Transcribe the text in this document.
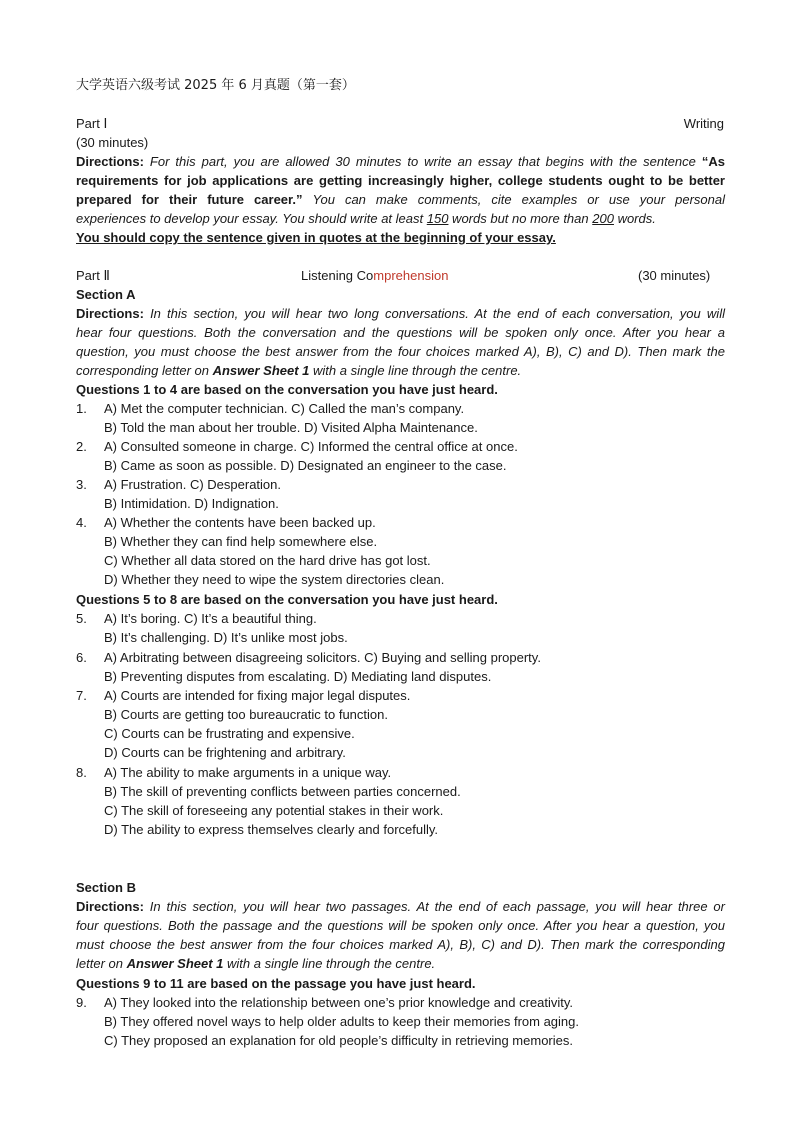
大学英语六级考试 2025 年 6 月真题（第一套）
Part Ⅰ	Writing
(30 minutes)
Directions: For this part, you are allowed 30 minutes to write an essay that begins with the sentence “As
requirements for job applications are getting increasingly higher, college students ought to be better
prepared for their future career.” You can make comments, cite examples or use your personal
experiences to develop your essay. You should write at least 150 words but no more than 200 words.
You should copy the sentence given in quotes at the beginning of your essay.
Part Ⅱ	Listening Comprehension	(30 minutes)
Section A
Directions: In this section, you will hear two long conversations. At the end of each conversation, you will
hear four questions. Both the conversation and the questions will be spoken only once. After you hear a
question, you must choose the best answer from the four choices marked A), B), C) and D). Then mark the
corresponding letter on Answer Sheet 1 with a single line through the centre.
Questions 1 to 4 are based on the conversation you have just heard.
1. A) Met the computer technician. C) Called the man’s company.
B) Told the man about her trouble. D) Visited Alpha Maintenance.
2. A) Consulted someone in charge. C) Informed the central office at once.
B) Came as soon as possible. D) Designated an engineer to the case.
3. A) Frustration. C) Desperation.
B) Intimidation. D) Indignation.
4. A) Whether the contents have been backed up.
B) Whether they can find help somewhere else.
C) Whether all data stored on the hard drive has got lost.
D) Whether they need to wipe the system directories clean.
Questions 5 to 8 are based on the conversation you have just heard.
5. A) It’s boring. C) It’s a beautiful thing.
B) It’s challenging. D) It’s unlike most jobs.
6. A) Arbitrating between disagreeing solicitors. C) Buying and selling property.
B) Preventing disputes from escalating. D) Mediating land disputes.
7. A) Courts are intended for fixing major legal disputes.
B) Courts are getting too bureaucratic to function.
C) Courts can be frustrating and expensive.
D) Courts can be frightening and arbitrary.
8. A) The ability to make arguments in a unique way.
B) The skill of preventing conflicts between parties concerned.
C) The skill of foreseeing any potential stakes in their work.
D) The ability to express themselves clearly and forcefully.
Section B
Directions: In this section, you will hear two passages. At the end of each passage, you will hear three or
four questions. Both the passage and the questions will be spoken only once. After you hear a question, you
must choose the best answer from the four choices marked A), B), C) and D). Then mark the corresponding
letter on Answer Sheet 1 with a single line through the centre.
Questions 9 to 11 are based on the passage you have just heard.
9. A) They looked into the relationship between one’s prior knowledge and creativity.
B) They offered novel ways to help older adults to keep their memories from aging.
C) They proposed an explanation for old people’s difficulty in retrieving memories.
